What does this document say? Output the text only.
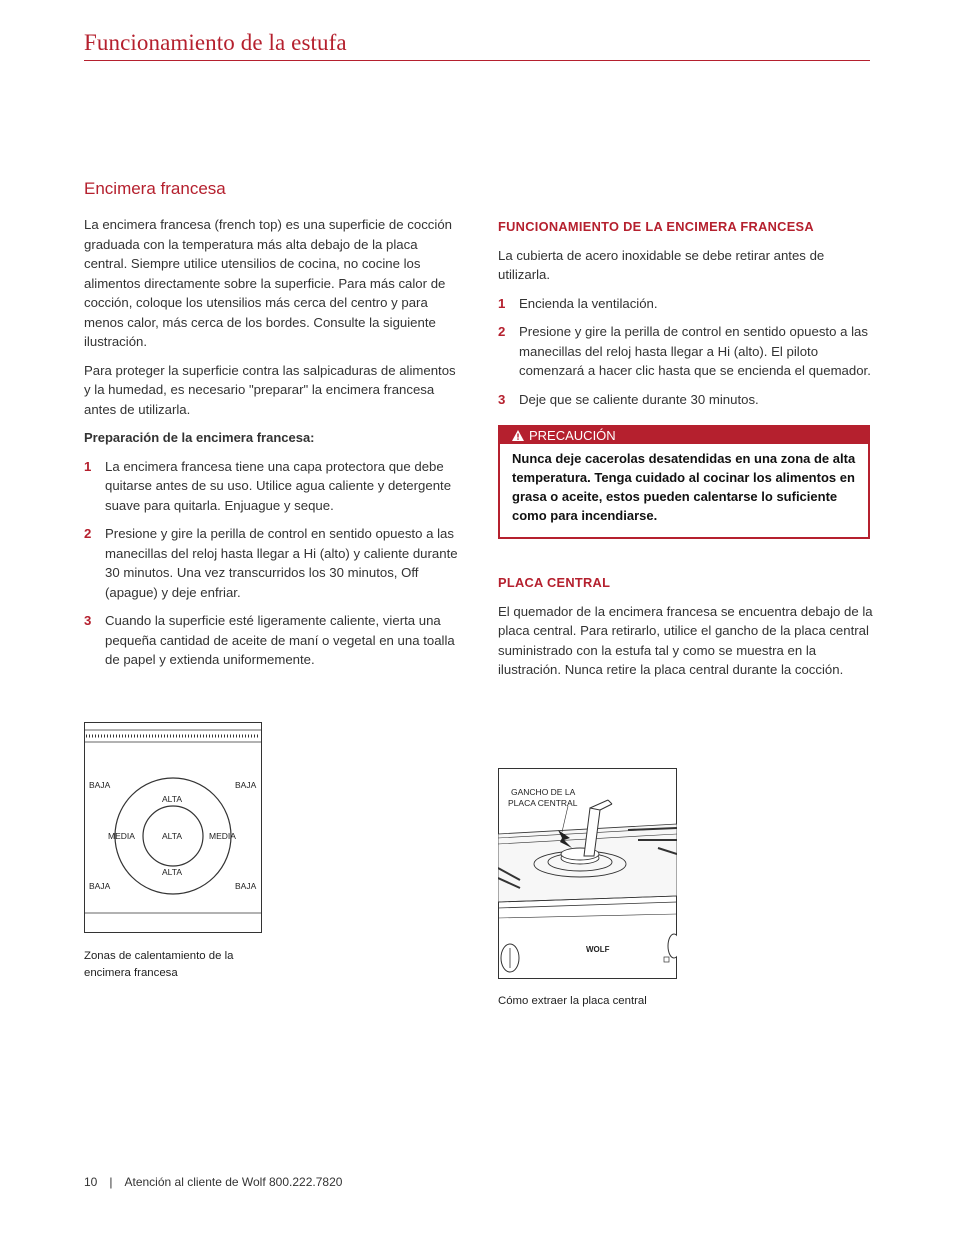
Funcionamiento de la estufa
Encimera francesa

La encimera francesa (french top) es una superficie de cocción graduada con la temperatura más alta debajo de la placa central. Siempre utilice utensilios de cocina, no cocine los alimentos directamente sobre la superficie. Para más calor de cocción, coloque los utensilios más cerca del centro y para menos calor, más cerca de los bordes. Consulte la siguiente ilustración.

Para proteger la superficie contra las salpicaduras de alimentos y la humedad, es necesario "preparar" la encimera francesa antes de utilizarla.

Preparación de la encimera francesa:

1 La encimera francesa tiene una capa protectora que debe quitarse antes de su uso. Utilice agua caliente y detergente suave para quitarla. Enjuague y seque.
2 Presione y gire la perilla de control en sentido opuesto a las manecillas del reloj hasta llegar a Hi (alto) y caliente durante 30 minutos. Una vez transcurridos los 30 minutos, Off (apague) y deje enfriar.
3 Cuando la superficie esté ligeramente caliente, vierta una pequeña cantidad de aceite de maní o vegetal en una toalla de papel y extienda uniformemente.

FUNCIONAMIENTO DE LA ENCIMERA FRANCESA

La cubierta de acero inoxidable se debe retirar antes de utilizarla.

1 Encienda la ventilación.
2 Presione y gire la perilla de control en sentido opuesto a las manecillas del reloj hasta llegar a Hi (alto). El piloto comenzará a hacer clic hasta que se encienda el quemador.
3 Deje que se caliente durante 30 minutos.
PRECAUCIÓN
Nunca deje cacerolas desatendidas en una zona de alta temperatura. Tenga cuidado al cocinar los alimentos en grasa o aceite, estos pueden calentarse lo suficiente como para incendiarse.

PLACA CENTRAL

El quemador de la encimera francesa se encuentra debajo de la placa central. Para retirarlo, utilice el gancho de la placa central suministrado con la estufa tal y como se muestra en la ilustración. Nunca retire la placa central durante la cocción.

BAJA	BAJA
ALTA
MEDIA	ALTA	MEDIA
ALTA
BAJA	BAJA
Zonas de calentamiento de la encimera francesa
GANCHO DE LA
PLACA CENTRAL
WOLF
Cómo extraer la placa central
10 | Atención al cliente de Wolf 800.222.7820
